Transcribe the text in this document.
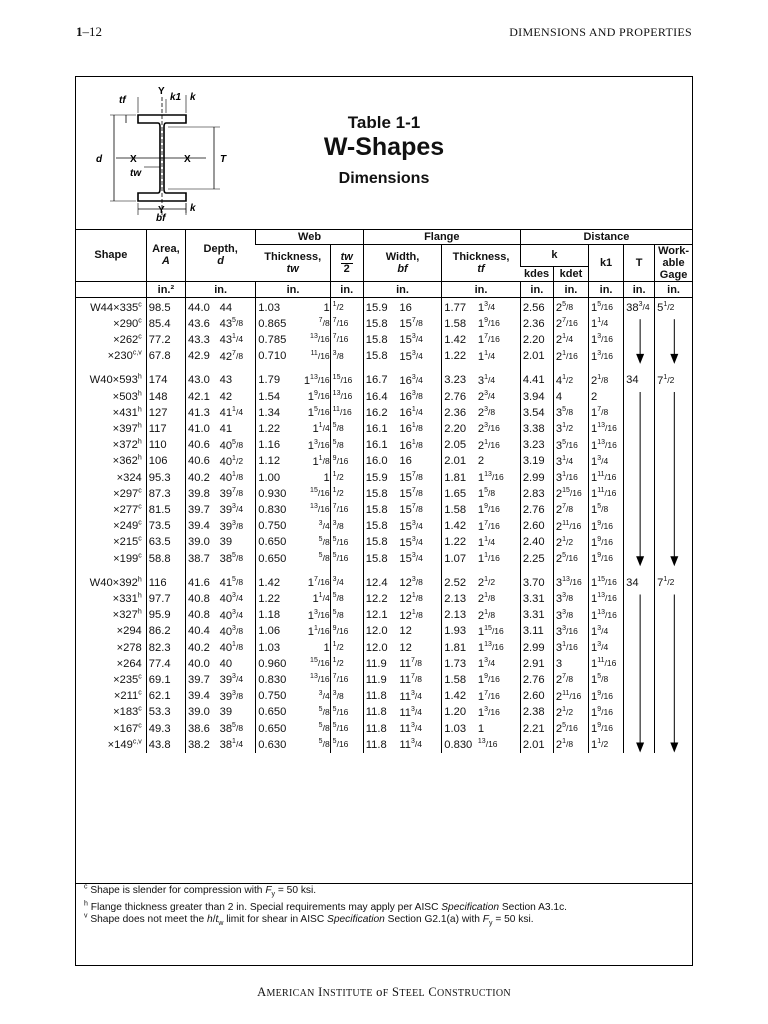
1–12	DIMENSIONS AND PROPERTIES
tf
Y
k1 k
d	X	X
tw
T
Y
bf
k
Table 1-1
W-Shapes
Dimensions
Shape	Area,
A	Depth,
d		Web			Flange				Distance				
				Thickness,
tw		tw
2	Width,
bf		Thickness,
tf		k		k1	T	Work-
able
Gage
											kdes	kdet			
	in.²	in.		in.		in.	in.		in.		in.	in.	in.	in.	in.
$W44\times 335^c$	98.5	44.0	44	1.03	1	$^1$/2	15.9	16	1.77	$1^3/4$	2.56	$2^5/8$	$1^5/16$	$38^3/4$	$5^1/2$
$\times 290^c$	85.4	43.6	$43^5/8$	0.865	$^7$/8	$^7$/16	15.8	$15^7/8$	1.58	$1^9/16$	2.36	$2^7/16$	$1^1/4$		
$\times 262^c$	77.2	43.3	$43^1/4$	0.785	$^{13}$/16	$^7$/16	15.8	$15^3/4$	1.42	$1^7/16$	2.20	$2^1/4$	$1^3/16$		
$\times 230^{c,v}$	67.8	42.9	$42^7/8$	0.710	$^{11}$/16	$^3$/8	15.8	$15^3/4$	1.22	$1^1/4$	2.01	$2^1/16$	$1^3/16$		

$W40\times 593^h$	174	43.0	43	1.79	$1^{13}/16$	$^{15}$/16	16.7	$16^3/4$	3.23	$3^1/4$	4.41	$4^1/2$	$2^1/8$	34	$7^1/2$
$\times 503^h$	148	42.1	42	1.54	$1^9/16$	$^{13}$/16	16.4	$16^3/8$	2.76	$2^3/4$	3.94	4	2		
$\times 431^h$	127	41.3	$41^1/4$	1.34	$1^5/16$	$^{11}$/16	16.2	$16^1/4$	2.36	$2^3/8$	3.54	$3^5/8$	$1^7/8$		
$\times 397^h$	117	41.0	41	1.22	$1^1/4$	$^5$/8	16.1	$16^1/8$	2.20	$2^3/16$	3.38	$3^1/2$	$1^{13}/16$		
$\times 372^h$	110	40.6	$40^5/8$	1.16	$1^3/16$	$^5$/8	16.1	$16^1/8$	2.05	$2^1/16$	3.23	$3^5/16$	$1^{13}/16$		
$\times 362^h$	106	40.6	$40^1/2$	1.12	$1^1/8$	$^9$/16	16.0	16	2.01	2	3.19	$3^1/4$	$1^3/4$		
×324	95.3	40.2	$40^1/8$	1.00	1	$^1$/2	15.9	$15^7/8$	1.81	$1^{13}/16$	2.99	$3^1/16$	$1^{11}/16$		
$\times 297^c$	87.3	39.8	$39^7/8$	0.930	$^{15}$/16	$^1$/2	15.8	$15^7/8$	1.65	$1^5/8$	2.83	$2^{15}/16$	$1^{11}/16$		
$\times 277^c$	81.5	39.7	$39^3/4$	0.830	$^{13}$/16	$^7$/16	15.8	$15^7/8$	1.58	$1^9/16$	2.76	$2^7/8$	$1^5/8$		
$\times 249^c$	73.5	39.4	$39^3/8$	0.750	$^3$/4	$^3$/8	15.8	$15^3/4$	1.42	$1^7/16$	2.60	$2^{11}/16$	$1^9/16$		
$\times 215^c$	63.5	39.0	39	0.650	$^5$/8	$^5$/16	15.8	$15^3/4$	1.22	$1^1/4$	2.40	$2^1/2$	$1^9/16$		
$\times 199^c$	58.8	38.7	$38^5/8$	0.650	$^5$/8	$^5$/16	15.8	$15^3/4$	1.07	$1^1/16$	2.25	$2^5/16$	$1^9/16$		

$W40\times 392^h$	116	41.6	$41^5/8$	1.42	$1^7/16$	$^3$/4	12.4	$12^3/8$	2.52	$2^1/2$	3.70	$3^{13}/16$	$1^{15}/16$	34	$7^1/2$
$\times 331^h$	97.7	40.8	$40^3/4$	1.22	$1^1/4$	$^5$/8	12.2	$12^1/8$	2.13	$2^1/8$	3.31	$3^3/8$	$1^{13}/16$		
$\times 327^h$	95.9	40.8	$40^3/4$	1.18	$1^3/16$	$^5$/8	12.1	$12^1/8$	2.13	$2^1/8$	3.31	$3^3/8$	$1^{13}/16$		
×294	86.2	40.4	$40^3/8$	1.06	$1^1/16$	$^9$/16	12.0	12	1.93	$1^{15}/16$	3.11	$3^3/16$	$1^3/4$		
×278	82.3	40.2	$40^1/8$	1.03	1	$^1$/2	12.0	12	1.81	$1^{13}/16$	2.99	$3^1/16$	$1^3/4$		
×264	77.4	40.0	40	0.960	$^{15}$/16	$^1$/2	11.9	$11^7/8$	1.73	$1^3/4$	2.91	3	$1^{11}/16$		
$\times 235^c$	69.1	39.7	$39^3/4$	0.830	$^{13}$/16	$^7$/16	11.9	$11^7/8$	1.58	$1^9/16$	2.76	$2^7/8$	$1^5/8$		
$\times 211^c$	62.1	39.4	$39^3/8$	0.750	$^3$/4	$^3$/8	11.8	$11^3/4$	1.42	$1^7/16$	2.60	$2^{11}/16$	$1^9/16$		
$\times 183^c$	53.3	39.0	39	0.650	$^5$/8	$^5$/16	11.8	$11^3/4$	1.20	$1^3/16$	2.38	$2^1/2$	$1^9/16$		
$\times 167^c$	49.3	38.6	$38^5/8$	0.650	$^5$/8	$^5$/16	11.8	$11^3/4$	1.03	1	2.21	$2^5/16$	$1^9/16$		
$\times 149^{c,v}$	43.8	38.2	$38^1/4$	0.630	$^5$/8	$^5$/16	11.8	$11^3/4$	0.830	$^{13}$/16	2.01	$2^1/8$	$1^1/2$		
$^c$ Shape is slender for compression with $F_y = 50$ ksi.
$^h$ Flange thickness greater than 2 in. Special requirements may apply per AISC Specification Section A3.1c.
$^v$ Shape does not meet the $h/t_w$ limit for shear in AISC Specification Section G2.1(a) with $F_y = 50$ ksi.
AMERICAN INSTITUTE oF STEEL CONSTRUCTION
